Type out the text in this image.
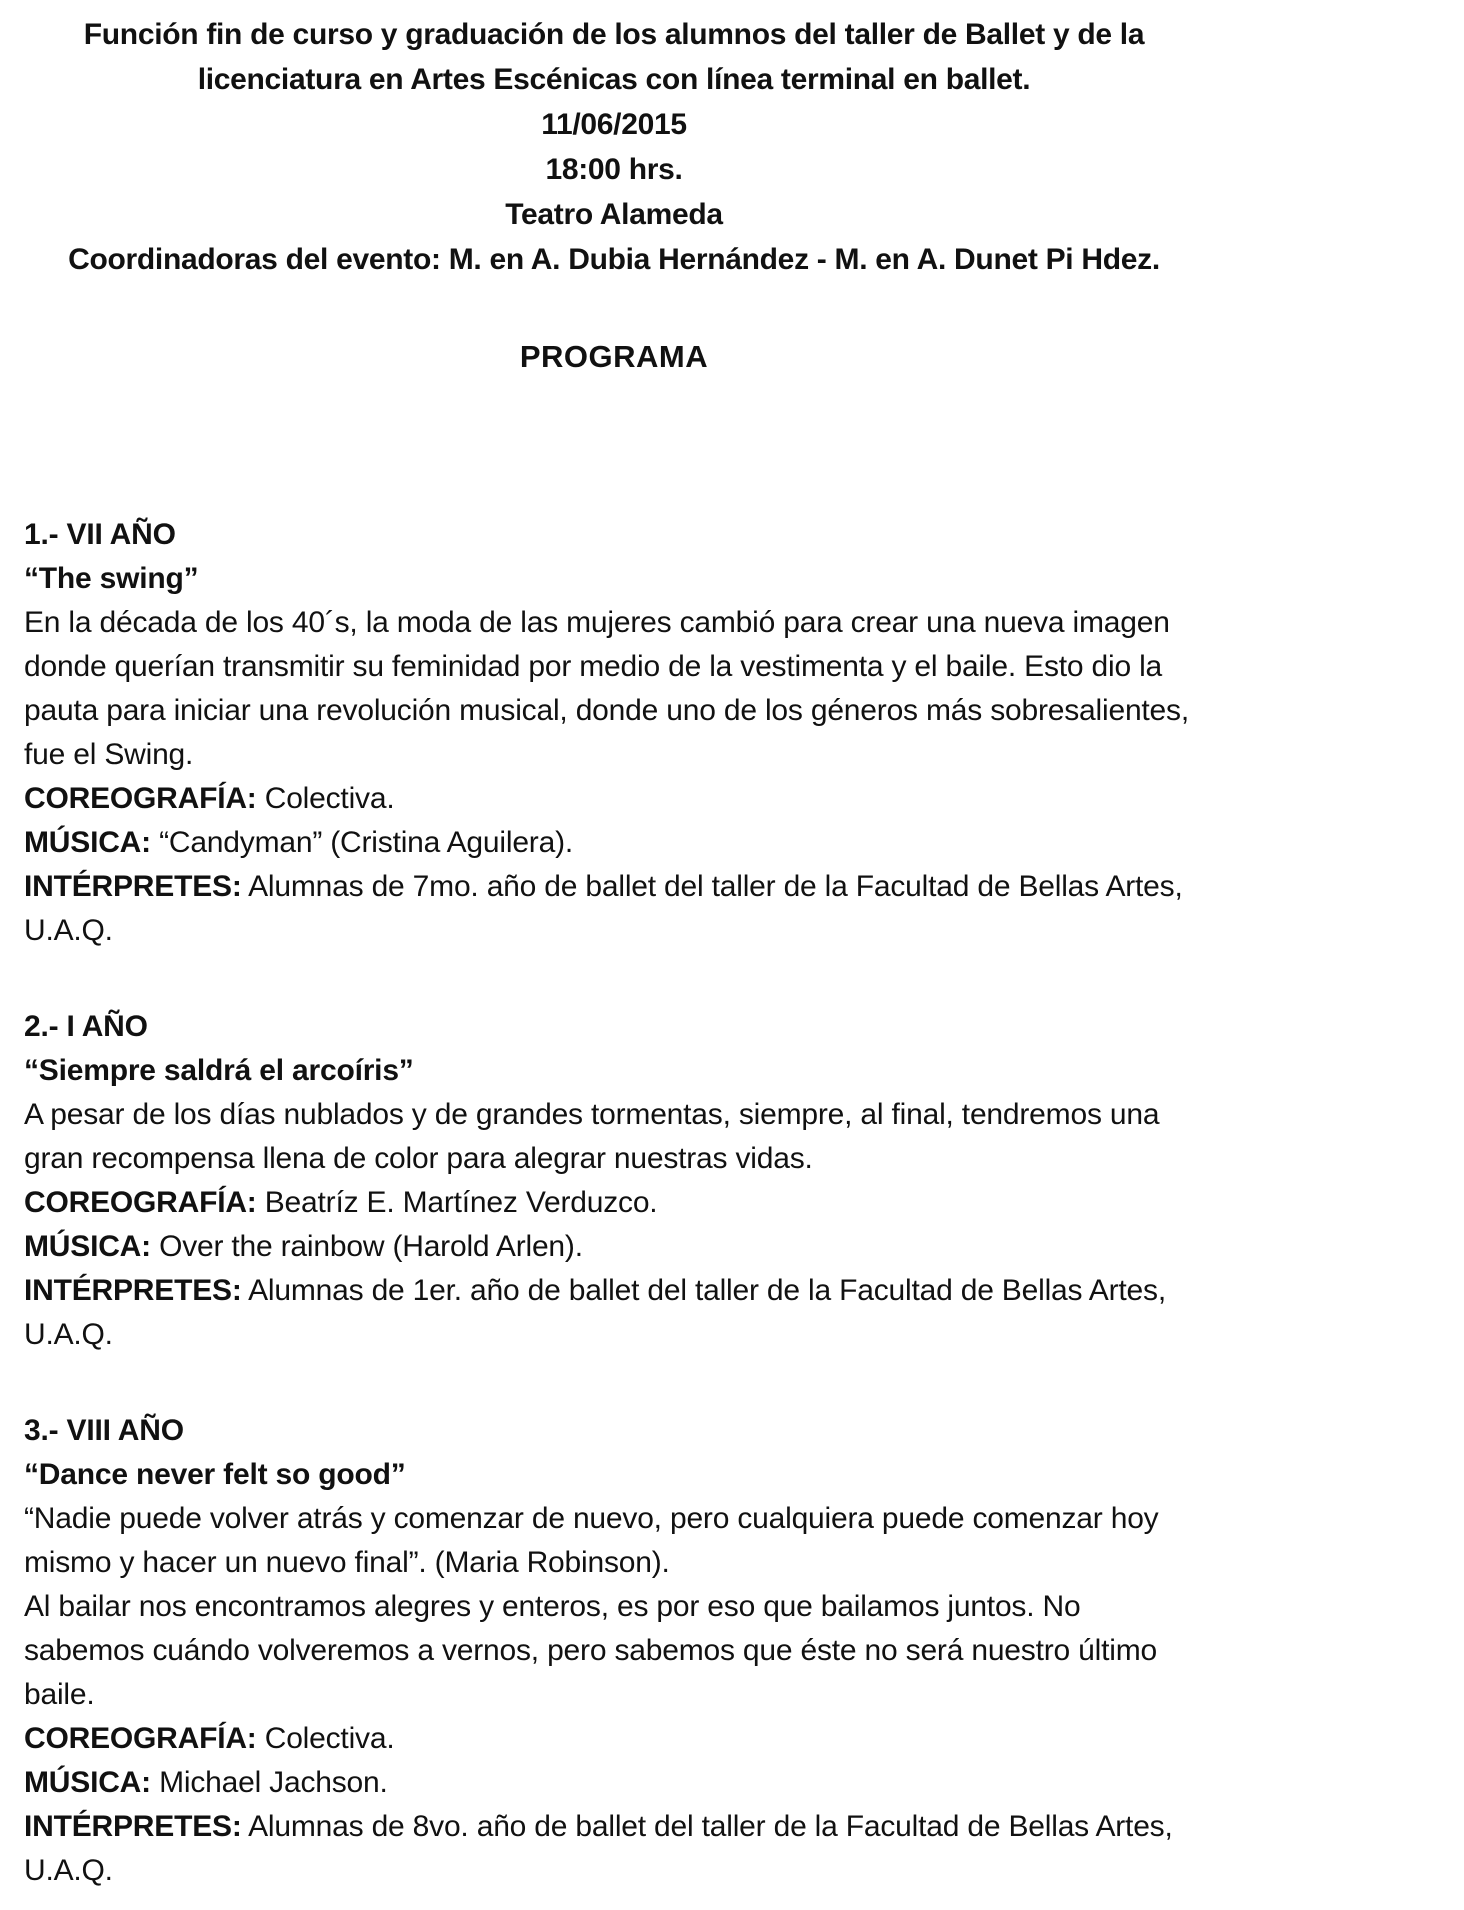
Función fin de curso y graduación de los alumnos del taller de Ballet y de la
licenciatura en Artes Escénicas con línea terminal en ballet.
11/06/2015
18:00 hrs.
Teatro Alameda
Coordinadoras del evento: M. en A. Dubia Hernández - M. en A. Dunet Pi Hdez.
PROGRAMA
1.- VII AÑO
“The swing”
En la década de los 40´s, la moda de las mujeres cambió para crear una nueva imagen donde querían transmitir su feminidad por medio de la vestimenta y el baile. Esto dio la pauta para iniciar una revolución musical, donde uno de los géneros más sobresalientes, fue el Swing.
COREOGRAFÍA: Colectiva.
MÚSICA: “Candyman” (Cristina Aguilera).
INTÉRPRETES: Alumnas de 7mo. año de ballet del taller de la Facultad de Bellas Artes, U.A.Q.
2.- I AÑO
“Siempre saldrá el arcoíris”
A pesar de los días nublados y de grandes tormentas, siempre, al final, tendremos una gran recompensa llena de color para alegrar nuestras vidas.
COREOGRAFÍA: Beatríz E. Martínez Verduzco.
MÚSICA: Over the rainbow (Harold Arlen).
INTÉRPRETES: Alumnas de 1er. año de ballet del taller de la Facultad de Bellas Artes, U.A.Q.
3.- VIII AÑO
“Dance never felt so good”
“Nadie puede volver atrás y comenzar de nuevo, pero cualquiera puede comenzar hoy mismo y hacer un nuevo final”. (Maria Robinson).
Al bailar nos encontramos alegres y enteros, es por eso que bailamos juntos. No sabemos cuándo volveremos a vernos, pero sabemos que éste no será nuestro último baile.
COREOGRAFÍA: Colectiva.
MÚSICA: Michael Jachson.
INTÉRPRETES: Alumnas de 8vo. año de ballet del taller de la Facultad de Bellas Artes, U.A.Q.
